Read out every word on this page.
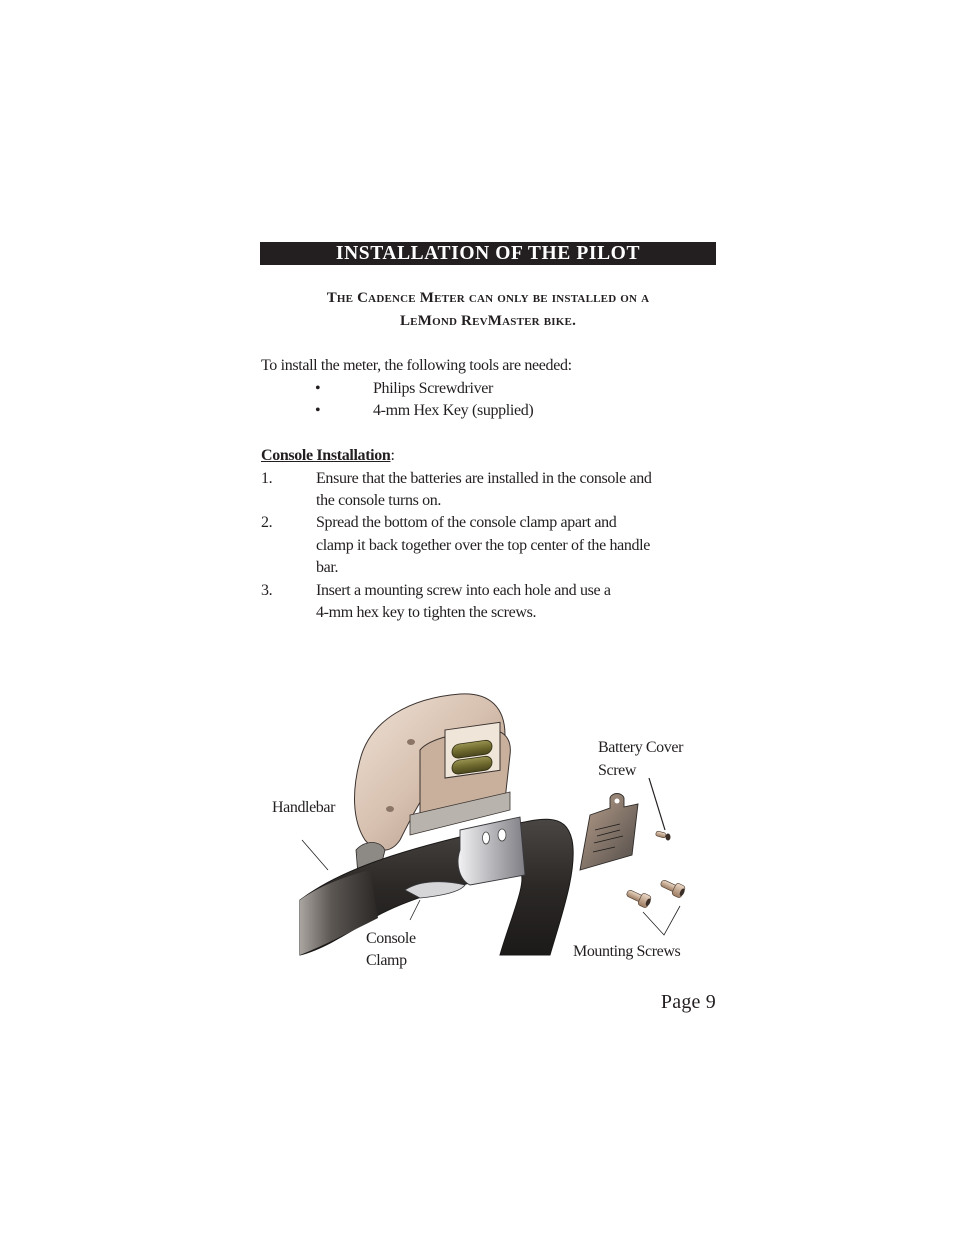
INSTALLATION OF THE PILOT
The Cadence Meter can only be installed on a
LeMond RevMaster bike.
To install the meter, the following tools are needed:
•	Philips Screwdriver
•	4-mm Hex Key (supplied)
Console Installation:
1.	Ensure that the batteries are installed in the console and
the console turns on.
2.	Spread the bottom of the console clamp apart and
clamp it back together over the top center of the handle
bar.
3.	Insert a mounting screw into each hole and use a
4-mm hex key to tighten the screws.
Handlebar
Console
Clamp
Battery Cover
Screw
Mounting Screws
Page 9
